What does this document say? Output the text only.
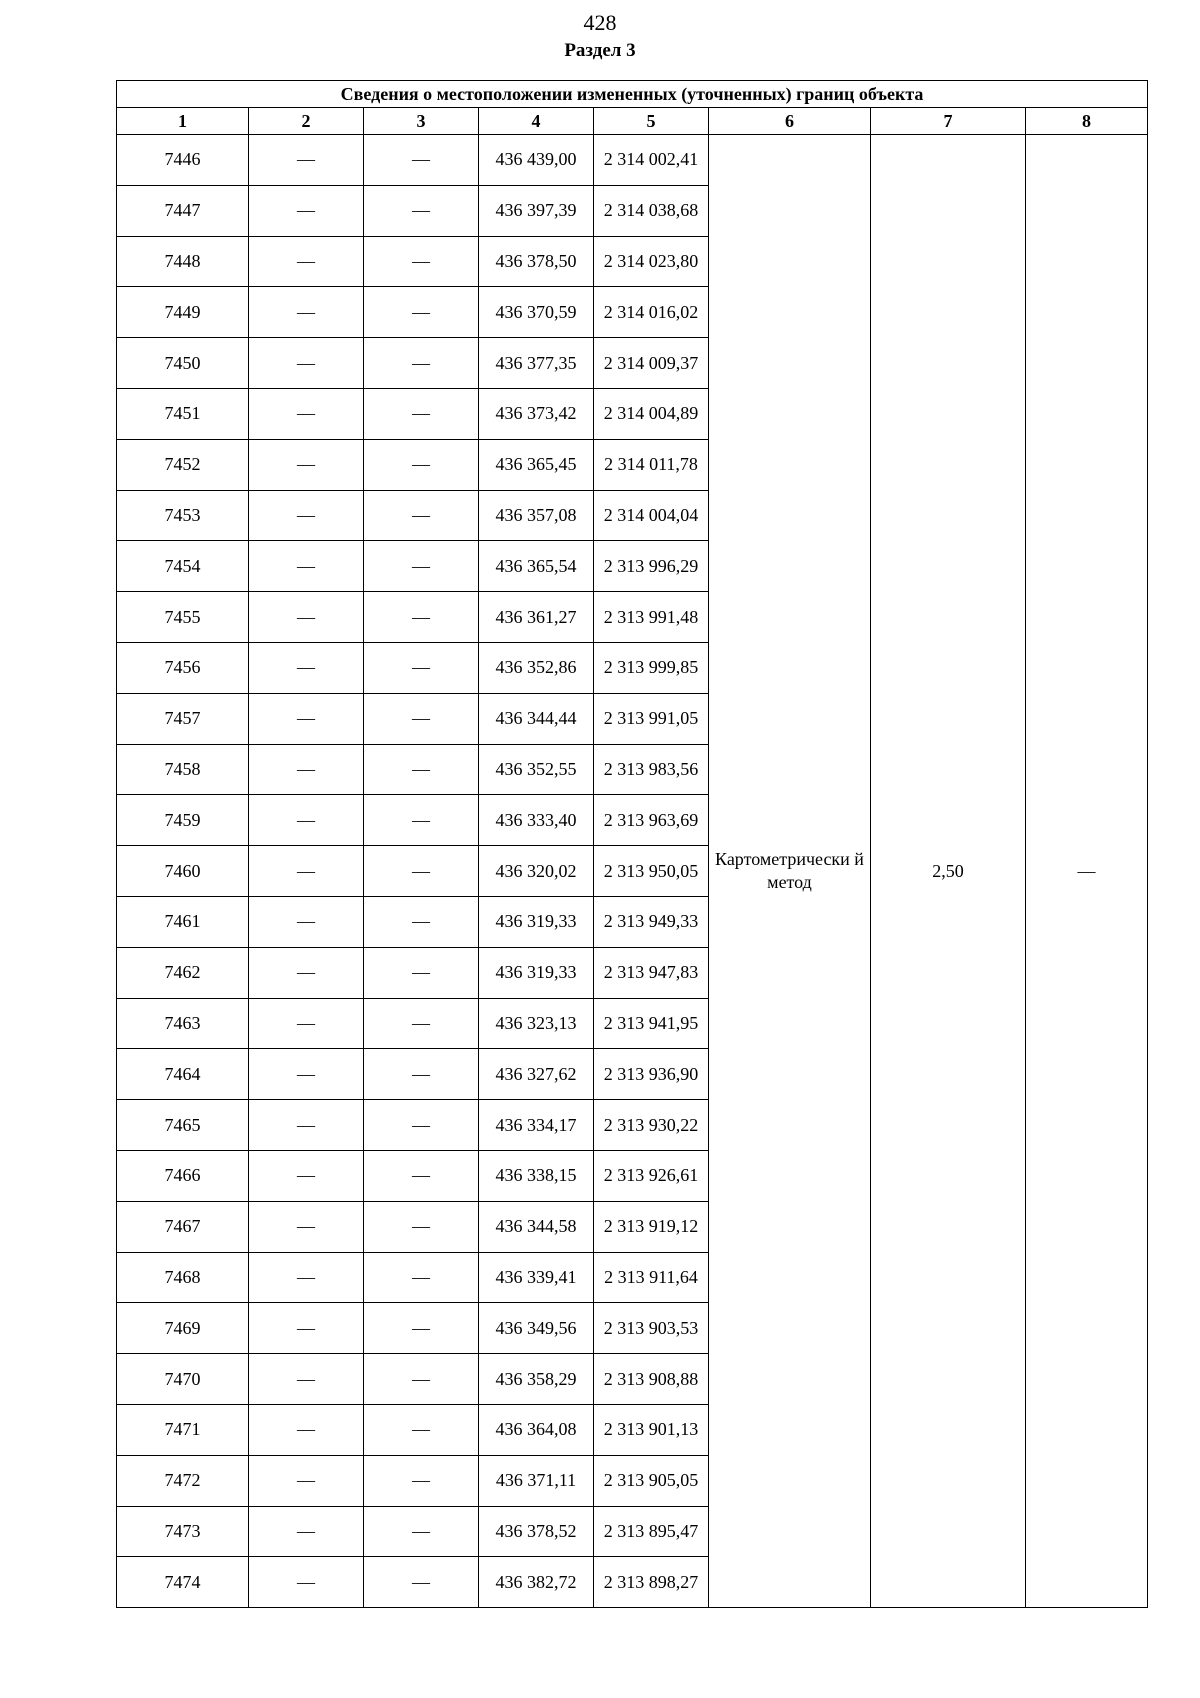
428
Раздел 3
Сведения о местоположении измененных (уточненных) границ объекта							
1	2	3	4	5	6	7	8
7446	—	—	436 439,00	2 314 002,41	Картометрически й метод	2,50	—
7447	—	—	436 397,39	2 314 038,68			
7448	—	—	436 378,50	2 314 023,80			
7449	—	—	436 370,59	2 314 016,02			
7450	—	—	436 377,35	2 314 009,37			
7451	—	—	436 373,42	2 314 004,89			
7452	—	—	436 365,45	2 314 011,78			
7453	—	—	436 357,08	2 314 004,04			
7454	—	—	436 365,54	2 313 996,29			
7455	—	—	436 361,27	2 313 991,48			
7456	—	—	436 352,86	2 313 999,85			
7457	—	—	436 344,44	2 313 991,05			
7458	—	—	436 352,55	2 313 983,56			
7459	—	—	436 333,40	2 313 963,69			
7460	—	—	436 320,02	2 313 950,05			
7461	—	—	436 319,33	2 313 949,33			
7462	—	—	436 319,33	2 313 947,83			
7463	—	—	436 323,13	2 313 941,95			
7464	—	—	436 327,62	2 313 936,90			
7465	—	—	436 334,17	2 313 930,22			
7466	—	—	436 338,15	2 313 926,61			
7467	—	—	436 344,58	2 313 919,12			
7468	—	—	436 339,41	2 313 911,64			
7469	—	—	436 349,56	2 313 903,53			
7470	—	—	436 358,29	2 313 908,88			
7471	—	—	436 364,08	2 313 901,13			
7472	—	—	436 371,11	2 313 905,05			
7473	—	—	436 378,52	2 313 895,47			
7474	—	—	436 382,72	2 313 898,27			
